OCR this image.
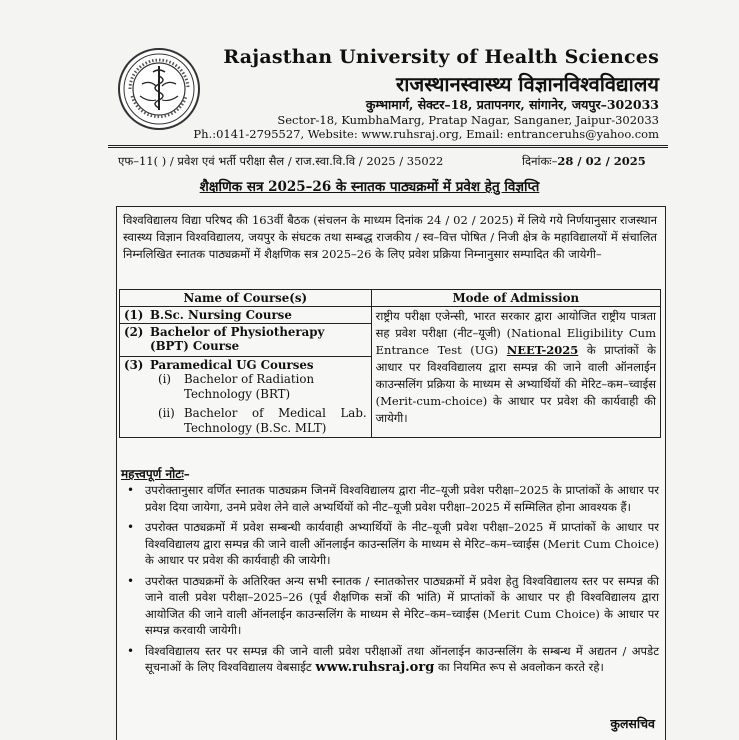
Rajasthan University of Health Sciences
राजस्थानस्वास्थ्य विज्ञानविश्वविद्यालय
कुम्भामार्ग, सेक्टर–18, प्रतापनगर, सांगानेर, जयपुर–302033
Sector-18, KumbhaMarg, Pratap Nagar, Sanganer, Jaipur-302033
Ph.:0141-2795527, Website: www.ruhsraj.org, Email: entranceruhs@yahoo.com
एफ–11( ) / प्रवेश एवं भर्ती परीक्षा सैल / राज.स्वा.वि.वि / 2025 / 35022	दिनांकः–28 / 02 / 2025
शैक्षणिक सत्र 2025–26 के स्नातक पाठ्यक्रमों में प्रवेश हेतु विज्ञप्ति
विश्वविद्यालय विद्या परिषद की 163वीं बैठक (संचलन के माध्यम दिनांक 24 / 02 / 2025) में लिये गये निर्णयानुसार राजस्थान स्वास्थ्य विज्ञान विश्वविद्यालय, जयपुर के संघटक तथा सम्बद्ध राजकीय / स्व–वित्त पोषित / निजी क्षेत्र के महाविद्यालयों में संचालित निम्नलिखित स्नातक पाठ्यक्रमों में शैक्षणिक सत्र 2025–26 के लिए प्रवेश प्रक्रिया निम्नानुसार सम्पादित की जायेगी–
Name of Course(s)	Mode of Admission
(1) B.Sc. Nursing Course	राष्ट्रीय परीक्षा एजेन्सी, भारत सरकार द्वारा आयोजित राष्ट्रीय पात्रता सह प्रवेश परीक्षा (नीट–यूजी) (National Eligibility Cum Entrance Test (UG) NEET-2025 के प्राप्तांकों के आधार पर विश्वविद्यालय द्वारा सम्पन्न की जाने वाली ऑनलाईन काउन्सलिंग प्रक्रिया के माध्यम से अभ्यार्थियों की मेरिट–कम–च्वाईस (Merit-cum-choice) के आधार पर प्रवेश की कार्यवाही की जायेगी।

(2) Bachelor of Physiotherapy (BPT) Course	

(3) Paramedical UG Courses
(i) Bachelor of Radiation Technology (BRT)
(ii) Bachelor of Medical Lab. Technology (B.Sc. MLT)	
महत्त्वपूर्ण नोटः–
• उपरोक्तानुसार वर्णित स्नातक पाठ्यक्रम जिनमें विश्वविद्यालय द्वारा नीट–यूजी प्रवेश परीक्षा–2025 के प्राप्तांकों के आधार पर प्रवेश दिया जायेगा, उनमे प्रवेश लेने वाले अभ्यर्थियों को नीट–यूजी प्रवेश परीक्षा–2025 में सम्मिलित होना आवश्यक हैं।
• उपरोक्त पाठ्यक्रमों में प्रवेश सम्बन्धी कार्यवाही अभ्यार्थियों के नीट–यूजी प्रवेश परीक्षा–2025 में प्राप्तांकों के आधार पर विश्वविद्यालय द्वारा सम्पन्न की जाने वाली ऑनलाईन काउन्सलिंग के माध्यम से मेरिट–कम–च्वाईस (Merit Cum Choice) के आधार पर प्रवेश की कार्यवाही की जायेगी।
• उपरोक्त पाठ्यक्रमों के अतिरिक्त अन्य सभी स्नातक / स्नातकोत्तर पाठ्यक्रमों में प्रवेश हेतु विश्वविद्यालय स्तर पर सम्पन्न की जाने वाली प्रवेश परीक्षा–2025–26 (पूर्व शैक्षणिक सत्रों की भांति) में प्राप्तांकों के आधार पर ही विश्वविद्यालय द्वारा आयोजित की जाने वाली ऑनलाईन काउन्सलिंग के माध्यम से मेरिट–कम–च्वाईस (Merit Cum Choice) के आधार पर सम्पन्न करवायी जायेगी।
• विश्वविद्यालय स्तर पर सम्पन्न की जाने वाली प्रवेश परीक्षाओं तथा ऑनलाईन काउन्सलिंग के सम्बन्ध में अद्यतन / अपडेट सूचनाओं के लिए विश्वविद्यालय वेबसाईट www.ruhsraj.org का नियमित रूप से अवलोकन करते रहे।
कुलसचिव
